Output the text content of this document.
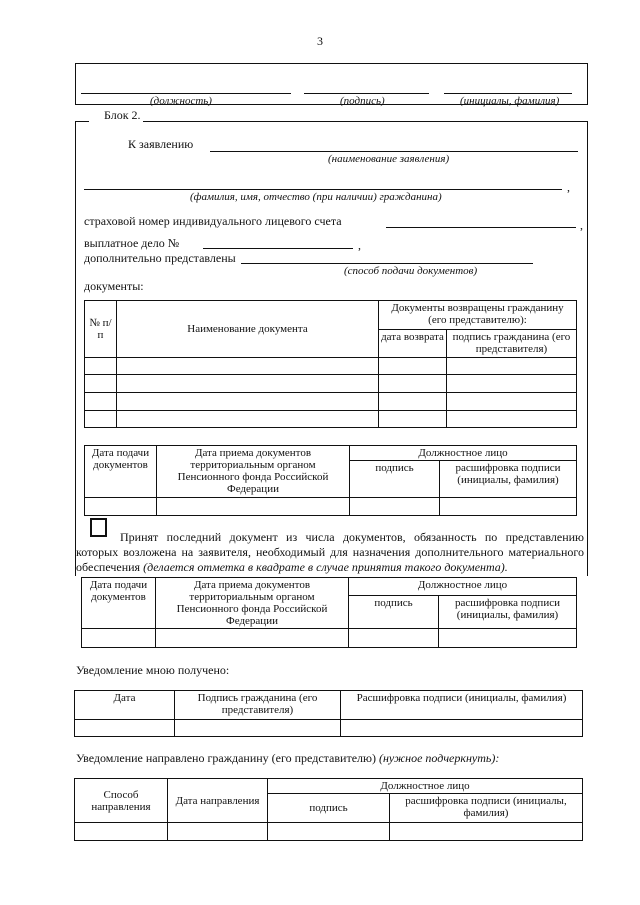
3
(должность)	(подпись)	(инициалы, фамилия)
Блок 2.
К заявлению
(наименование заявления)
,
(фамилия, имя, отчество (при наличии) гражданина)
страховой номер индивидуального лицевого счета	,
выплатное дело №	,
дополнительно представлены
(способ подачи документов)
документы:
№ п/п	Наименование документа	Документы возвращены гражданину (его представителю):	
		дата возврата	подпись гражданина (его представителя)

Дата подачи документов	Дата приема документов территориальным органом Пенсионного фонда Российской Федерации	Должностное лицо	
		подпись	расшифровка подписи (инициалы, фамилия)

Принят последний документ из числа документов, обязанность по представлению которых возложена на заявителя, необходимый для назначения дополнительного материального обеспечения (делается отметка в квадрате в случае принятия такого документа).
Дата подачи документов	Дата приема документов территориальным органом Пенсионного фонда Российской Федерации	Должностное лицо	
		подпись	расшифровка подписи (инициалы, фамилия)

Уведомление мною получено:
Дата	Подпись гражданина (его представителя)	Расшифровка подписи (инициалы, фамилия)

Уведомление направлено гражданину (его представителю) (нужное подчеркнуть):
Способ направления	Дата направления	Должностное лицо	
		подпись	расшифровка подписи (инициалы, фамилия)
